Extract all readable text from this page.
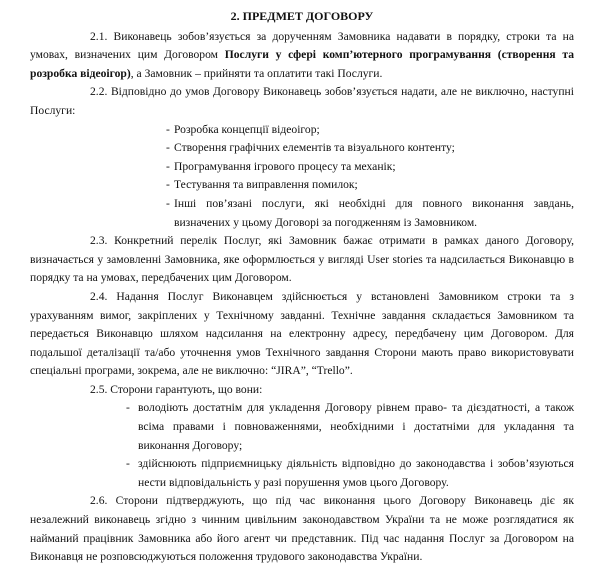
2. ПРЕДМЕТ ДОГОВОРУ

2.1. Виконавець зобов’язується за дорученням Замовника надавати в порядку, строки та на умовах, визначених цим Договором Послуги у сфері комп’ютерного програмування (створення та розробка відеоігор), а Замовник – прийняти та оплатити такі Послуги.

2.2. Відповідно до умов Договору Виконавець зобов’язується надати, але не виключно, наступні Послуги:

- Розробка концепції відеоігор;
- Створення графічних елементів та візуального контенту;
- Програмування ігрового процесу та механік;
- Тестування та виправлення помилок;
- Інші пов’язані послуги, які необхідні для повного виконання завдань, визначених у цьому Договорі за погодженням із Замовником.

2.3. Конкретний перелік Послуг, які Замовник бажає отримати в рамках даного Договору, визначається у замовленні Замовника, яке оформлюється у вигляді User stories та надсилається Виконавцю в порядку та на умовах, передбачених цим Договором.

2.4. Надання Послуг Виконавцем здійснюється у встановлені Замовником строки та з урахуванням вимог, закріплених у Технічному завданні. Технічне завдання складається Замовником та передається Виконавцю шляхом надсилання на електронну адресу, передбачену цим Договором. Для подальшої деталізації та/або уточнення умов Технічного завдання Сторони мають право використовувати спеціальні програми, зокрема, але не виключно: “JIRA”, “Trello”.

2.5. Сторони гарантують, що вони:

- володіють достатнім для укладення Договору рівнем право- та дієздатності, а також всіма правами і повноваженнями, необхідними і достатніми для укладання та виконання Договору;
- здійснюють підприємницьку діяльність відповідно до законодавства і зобов’язуються нести відповідальність у разі порушення умов цього Договору.

2.6. Сторони підтверджують, що під час виконання цього Договору Виконавець діє як незалежний виконавець згідно з чинним цивільним законодавством України та не може розглядатися як найманий працівник Замовника або його агент чи представник. Під час надання Послуг за Договором на Виконавця не розповсюджуються положення трудового законодавства України.
